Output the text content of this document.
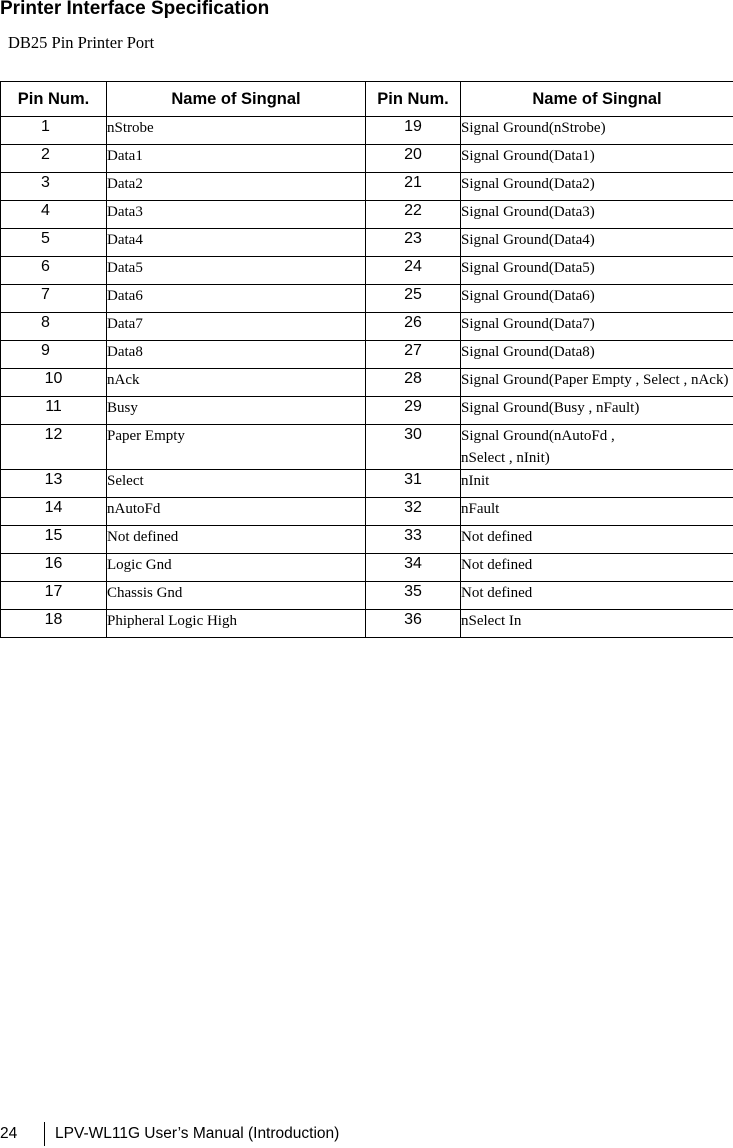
Printer Interface Specification
DB25 Pin Printer Port
Pin Num.	Name of Singnal	Pin Num.	Name of Singnal
1	nStrobe	19	Signal Ground(nStrobe)
2	Data1	20	Signal Ground(Data1)
3	Data2	21	Signal Ground(Data2)
4	Data3	22	Signal Ground(Data3)
5	Data4	23	Signal Ground(Data4)
6	Data5	24	Signal Ground(Data5)
7	Data6	25	Signal Ground(Data6)
8	Data7	26	Signal Ground(Data7)
9	Data8	27	Signal Ground(Data8)
10	nAck	28	Signal Ground(Paper Empty , Select , nAck)
11	Busy	29	Signal Ground(Busy , nFault)
12	Paper Empty	30	Signal Ground(nAutoFd ,
nSelect , nInit)
13	Select	31	nInit
14	nAutoFd	32	nFault
15	Not defined	33	Not defined
16	Logic Gnd	34	Not defined
17	Chassis Gnd	35	Not defined
18	Phipheral Logic High	36	nSelect In
24 LPV-WL11G User’s Manual (Introduction)
